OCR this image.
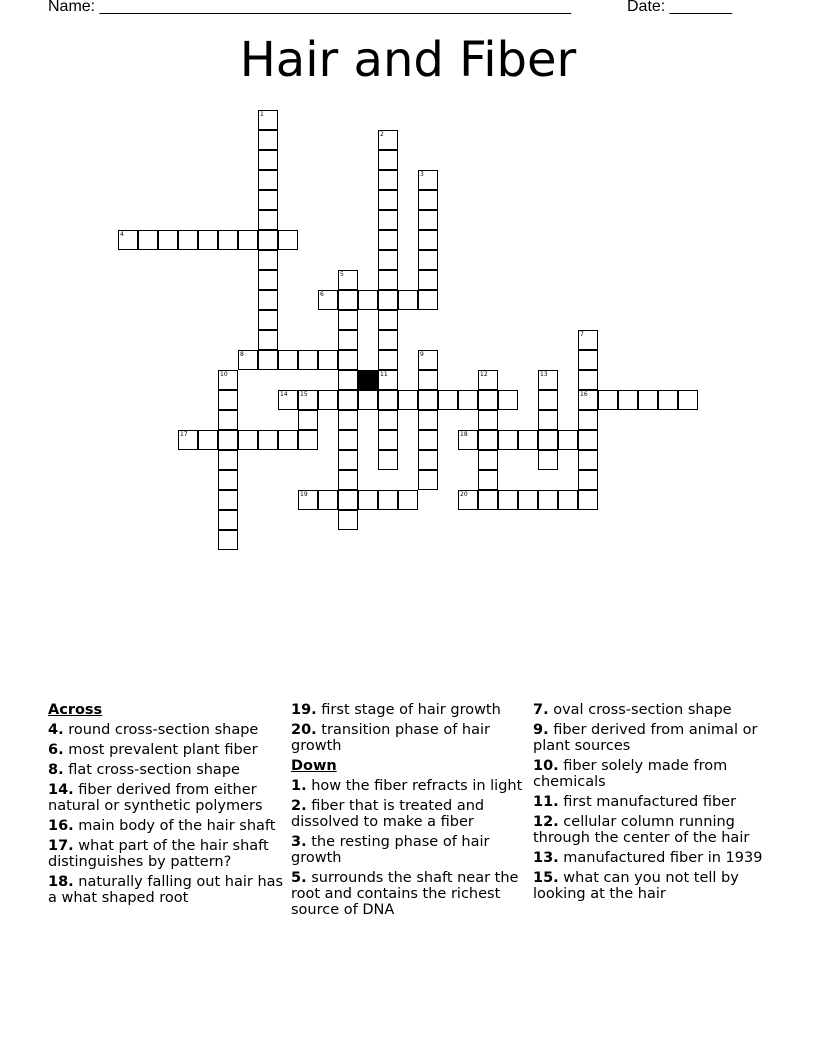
Name: _____________________________________________________	Date: _______
Hair and Fiber
1
2
11
3
4
5
6
7
16
8	9
10	12	13
14 15
17	18
19	20
Across
4. round cross-section shape
6. most prevalent plant fiber
8. flat cross-section shape
14. fiber derived from either natural or synthetic polymers
16. main body of the hair shaft
17. what part of the hair shaft distinguishes by pattern?
18. naturally falling out hair has a what shaped root
19. first stage of hair growth
20. transition phase of hair growth
Down
1. how the fiber refracts in light
2. fiber that is treated and dissolved to make a fiber
3. the resting phase of hair growth
5. surrounds the shaft near the root and contains the richest source of DNA
7. oval cross-section shape
9. fiber derived from animal or plant sources
10. fiber solely made from chemicals
11. first manufactured fiber
12. cellular column running through the center of the hair
13. manufactured fiber in 1939
15. what can you not tell by looking at the hair
